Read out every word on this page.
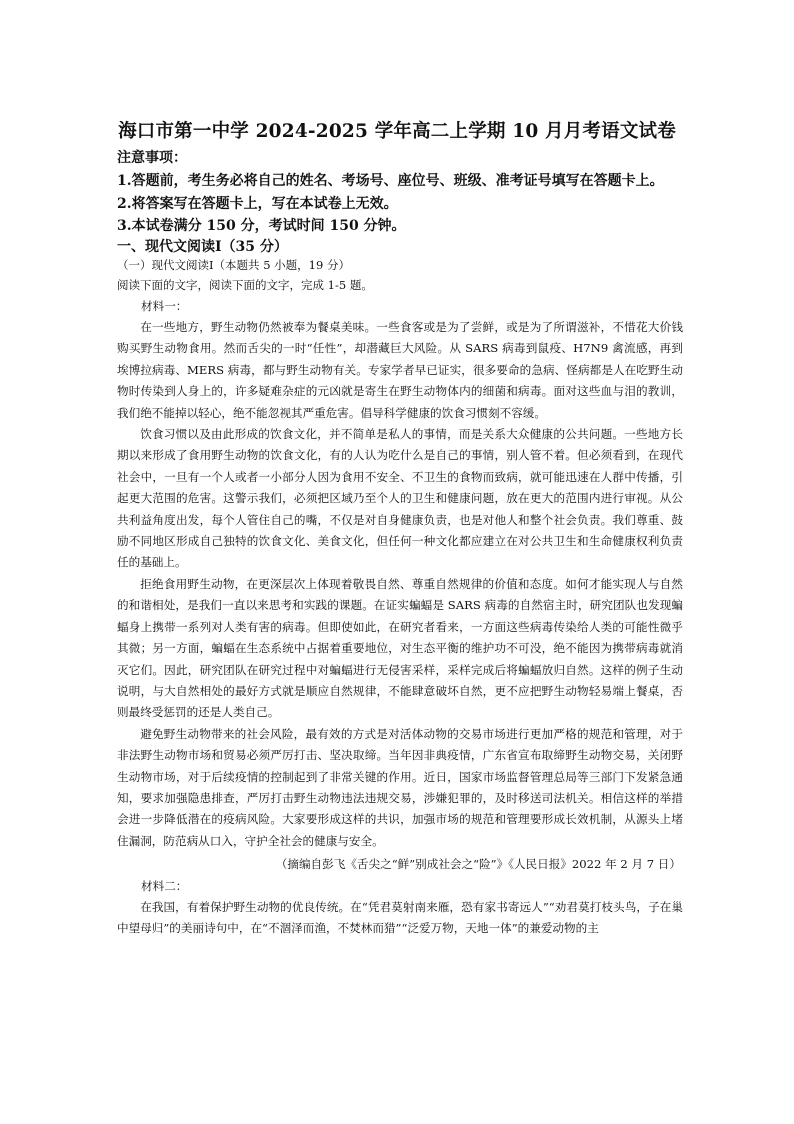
海口市第一中学 2024-2025 学年高二上学期 10 月月考语文试卷
注意事项：
1.答题前，考生务必将自己的姓名、考场号、座位号、班级、准考证号填写在答题卡上。
2.将答案写在答题卡上，写在本试卷上无效。
3.本试卷满分 150 分，考试时间 150 分钟。
一、现代文阅读Ⅰ（35 分）
（一）现代文阅读Ⅰ（本题共 5 小题，19 分）
阅读下面的文字，阅读下面的文字，完成 1-5 题。
材料一：

在一些地方，野生动物仍然被奉为餐桌美味。一些食客或是为了尝鲜，或是为了所谓滋补，不惜花大价钱购买野生动物食用。然而舌尖的一时“任性”，却潜藏巨大风险。从 SARS 病毒到鼠疫、H7N9 禽流感，再到埃博拉病毒、MERS 病毒，都与野生动物有关。专家学者早已证实，很多要命的急病、怪病都是人在吃野生动物时传染到人身上的，许多疑难杂症的元凶就是寄生在野生动物体内的细菌和病毒。面对这些血与泪的教训，我们绝不能掉以轻心，绝不能忽视其严重危害。倡导科学健康的饮食习惯刻不容缓。

饮食习惯以及由此形成的饮食文化，并不简单是私人的事情，而是关系大众健康的公共问题。一些地方长期以来形成了食用野生动物的饮食文化，有的人认为吃什么是自己的事情，别人管不着。但必须看到，在现代社会中，一旦有一个人或者一小部分人因为食用不安全、不卫生的食物而致病，就可能迅速在人群中传播，引起更大范围的危害。这警示我们，必须把区域乃至个人的卫生和健康问题，放在更大的范围内进行审视。从公共利益角度出发，每个人管住自己的嘴，不仅是对自身健康负责，也是对他人和整个社会负责。我们尊重、鼓励不同地区形成自己独特的饮食文化、美食文化，但任何一种文化都应建立在对公共卫生和生命健康权利负责任的基础上。

拒绝食用野生动物，在更深层次上体现着敬畏自然、尊重自然规律的价值和态度。如何才能实现人与自然的和谐相处，是我们一直以来思考和实践的课题。在证实蝙蝠是 SARS 病毒的自然宿主时，研究团队也发现蝙蝠身上携带一系列对人类有害的病毒。但即使如此，在研究者看来，一方面这些病毒传染给人类的可能性微乎其微；另一方面，蝙蝠在生态系统中占据着重要地位，对生态平衡的维护功不可没，绝不能因为携带病毒就消灭它们。因此，研究团队在研究过程中对蝙蝠进行无侵害采样，采样完成后将蝙蝠放归自然。这样的例子生动说明，与大自然相处的最好方式就是顺应自然规律，不能肆意破坏自然，更不应把野生动物轻易端上餐桌，否则最终受惩罚的还是人类自己。

避免野生动物带来的社会风险，最有效的方式是对活体动物的交易市场进行更加严格的规范和管理，对于非法野生动物市场和贸易必须严厉打击、坚决取缔。当年因非典疫情，广东省宣布取缔野生动物交易，关闭野生动物市场，对于后续疫情的控制起到了非常关键的作用。近日，国家市场监督管理总局等三部门下发紧急通知，要求加强隐患排查，严厉打击野生动物违法违规交易，涉嫌犯罪的，及时移送司法机关。相信这样的举措会进一步降低潜在的疫病风险。大家要形成这样的共识，加强市场的规范和管理要形成长效机制，从源头上堵住漏洞，防范病从口入，守护全社会的健康与安全。

（摘编自彭飞《舌尖之“鲜”别成社会之“险”》《人民日报》2022 年 2 月 7 日）
材料二：

在我国，有着保护野生动物的优良传统。在“凭君莫射南来雁，恐有家书寄远人”“劝君莫打枝头鸟，子在巢中望母归”的美丽诗句中，在“不涸泽而渔，不焚林而猎”“泛爱万物，天地一体”的兼爱动物的主
